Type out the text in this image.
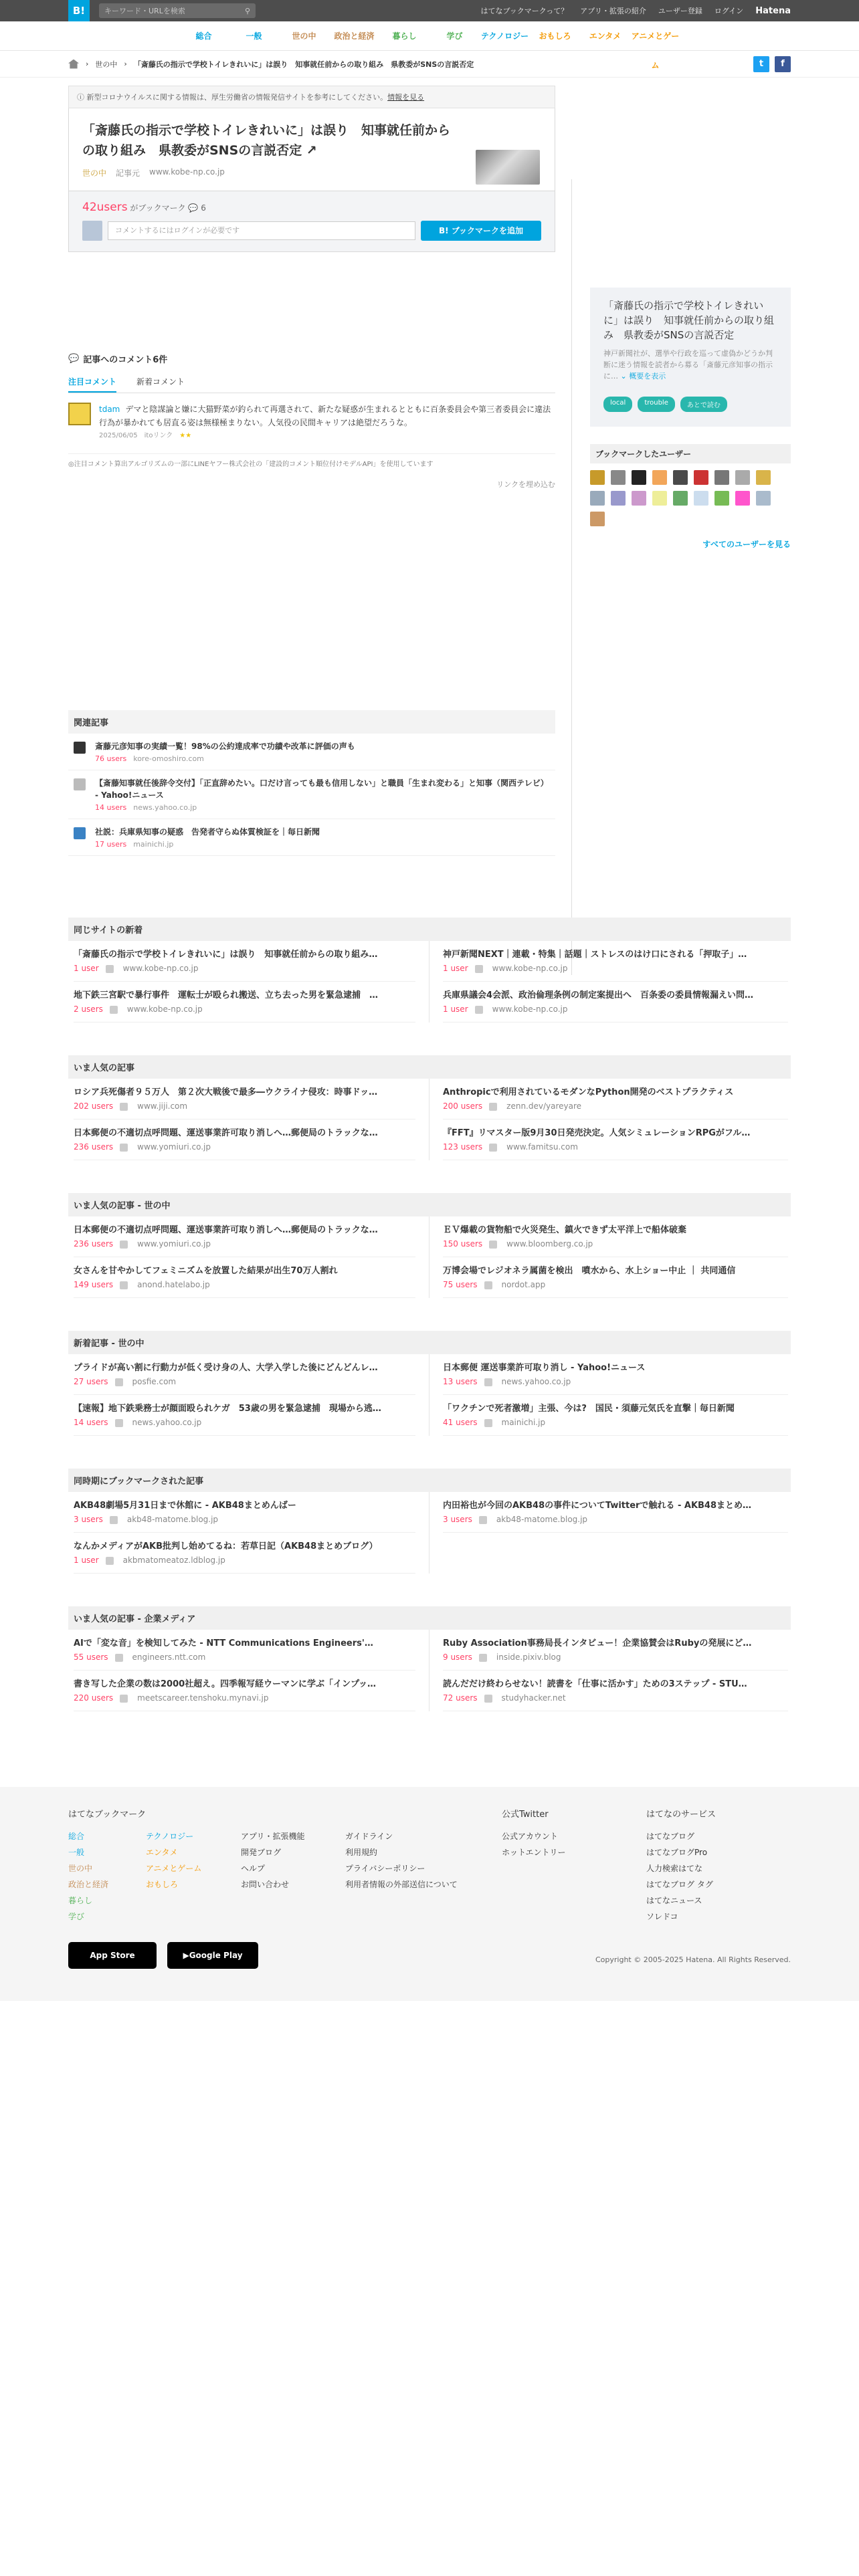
B!	キーワード・URLを検索	⚲	はてなブックマークって？ アプリ・拡張の紹介 ユーザー登録 ログイン Hatena
総合	一般	世の中	政治と経済	暮らし	学び	テクノロジー	おもしろ	エンタメ	アニメとゲーム
› 世の中 › 「斎藤氏の指示で学校トイレきれいに」は誤り　知事就任前からの取り組み　県教委がSNSの言説否定	t	f
ⓘ 新型コロナウイルスに関する情報は、厚生労働省の情報発信サイトを参考にしてください。情報を見る
「斎藤氏の指示で学校トイレきれいに」は誤り　知事就任前からの取り組み　県教委がSNSの言説否定 ↗
世の中 記事元 www.kobe-np.co.jp
42users がブックマーク 💬 6
コメントするにはログインが必要です	B! ブックマークを追加
💬 記事へのコメント6件
注目コメント	新着コメント
tdam デマと陰謀論と嫌に大猫野菜が釣られて再選されて、新たな疑惑が生まれるとともに百条委員会や第三者委員会に違法行為が暴かれても居直る姿は無様極まりない。人気役の民間キャリアは絶望だろうな。
2025/06/05　 itoリンク　 ★★
◎注目コメント算出アルゴリズムの一部にLINEヤフー株式会社の「建設的コメント順位付けモデルAPI」を使用しています
リンクを埋め込む
関連記事
斎藤元彦知事の実績一覧！98%の公約達成率で功績や改革に評価の声も
76 users kore-omoshiro.com
【斎藤知事就任後辞令交付】「正直辞めたい。口だけ言っても最も信用しない」と職員「生まれ変わる」と知事（関西テレビ） - Yahoo!ニュース
14 users news.yahoo.co.jp
社説：兵庫県知事の疑惑　告発者守らぬ体質検証を｜毎日新聞
17 users mainichi.jp
「斎藤氏の指示で学校トイレきれいに」は誤り　知事就任前からの取り組み　県教委がSNSの言説否定

神戸新聞社が、選挙や行政を巡って虚偽かどうか判断に迷う情報を読者から募る「斎藤元彦知事の指示に… ⌄ 概要を表示

local	trouble	あとで読む
ブックマークしたユーザー
すべてのユーザーを見る
同じサイトの新着
「斎藤氏の指示で学校トイレきれいに」は誤り　知事就任前からの取り組み…
1 user	www.kobe-np.co.jp
地下鉄三宮駅で暴行事件　運転士が殴られ搬送、立ち去った男を緊急逮捕　…
2 users	www.kobe-np.co.jp
神戸新聞NEXT｜連載・特集｜話題｜ストレスのはけ口にされる「押取子」…
1 user	www.kobe-np.co.jp
兵庫県議会4会派、政治倫理条例の制定案提出へ　百条委の委員情報漏えい問…
1 user	www.kobe-np.co.jp
いま人気の記事
ロシア兵死傷者９５万人　第２次大戦後で最多―ウクライナ侵攻：時事ドッ…
202 users	www.jiji.com
日本郵便の不適切点呼問題、運送事業許可取り消しへ…郵便局のトラックな…
236 users	www.yomiuri.co.jp
Anthropicで利用されているモダンなPython開発のベストプラクティス
200 users	zenn.dev/yareyare
『FFT』リマスター版9月30日発売決定。人気シミュレーションRPGがフル…
123 users	www.famitsu.com
いま人気の記事 - 世の中
日本郵便の不適切点呼問題、運送事業許可取り消しへ…郵便局のトラックな…
236 users	www.yomiuri.co.jp
女さんを甘やかしてフェミニズムを放置した結果が出生70万人割れ
149 users	anond.hatelabo.jp
ＥＶ爆載の貨物船で火災発生、鎮火できず太平洋上で船体破棄
150 users	www.bloomberg.co.jp
万博会場でレジオネラ属菌を検出　噴水から、水上ショー中止 ｜ 共同通信
75 users	nordot.app
新着記事 - 世の中
プライドが高い割に行動力が低く受け身の人、大学入学した後にどんどんレ…
27 users	posfie.com
【速報】地下鉄乗務士が顔面殴られケガ　53歳の男を緊急逮捕　現場から逃…
14 users	news.yahoo.co.jp
日本郵便 運送事業許可取り消し - Yahoo!ニュース
13 users	news.yahoo.co.jp
「ワクチンで死者激増」主張、今は?　国民・須藤元気氏を直撃｜毎日新聞
41 users	mainichi.jp
同時期にブックマークされた記事
AKB48劇場5月31日まで休館に - AKB48まとめんばー
3 users	akb48-matome.blog.jp
なんかメディアがAKB批判し始めてるね：若草日記（AKB48まとめブログ）
1 user	akbmatomeatoz.ldblog.jp
内田裕也が今回のAKB48の事件についてTwitterで触れる - AKB48まとめ…
3 users	akb48-matome.blog.jp
いま人気の記事 - 企業メディア
AIで「変な音」を検知してみた - NTT Communications Engineers'…
55 users	engineers.ntt.com
書き写した企業の数は2000社超え。四季報写経ウーマンに学ぶ「インプッ…
220 users	meetscareer.tenshoku.mynavi.jp
Ruby Association事務局長インタビュー！企業協賛会はRubyの発展にど…
9 users	inside.pixiv.blog
読んだだけ終わらせない！読書を「仕事に活かす」ための3ステップ - STU…
72 users	studyhacker.net
はてなブックマーク
総合
一般
世の中
政治と経済
暮らし
学び
テクノロジー
エンタメ
アニメとゲーム
おもしろ
アプリ・拡張機能
開発ブログ
ヘルプ
お問い合わせ
ガイドライン
利用規約
プライバシーポリシー
利用者情報の外部送信について
公式Twitter
公式アカウント
ホットエントリー
はてなのサービス
はてなブログ
はてなブログPro
人力検索はてな
はてなブログ タグ
はてなニュース
ソレドコ
App Store	▶ Google Play	Copyright © 2005-2025 Hatena. All Rights Reserved.
